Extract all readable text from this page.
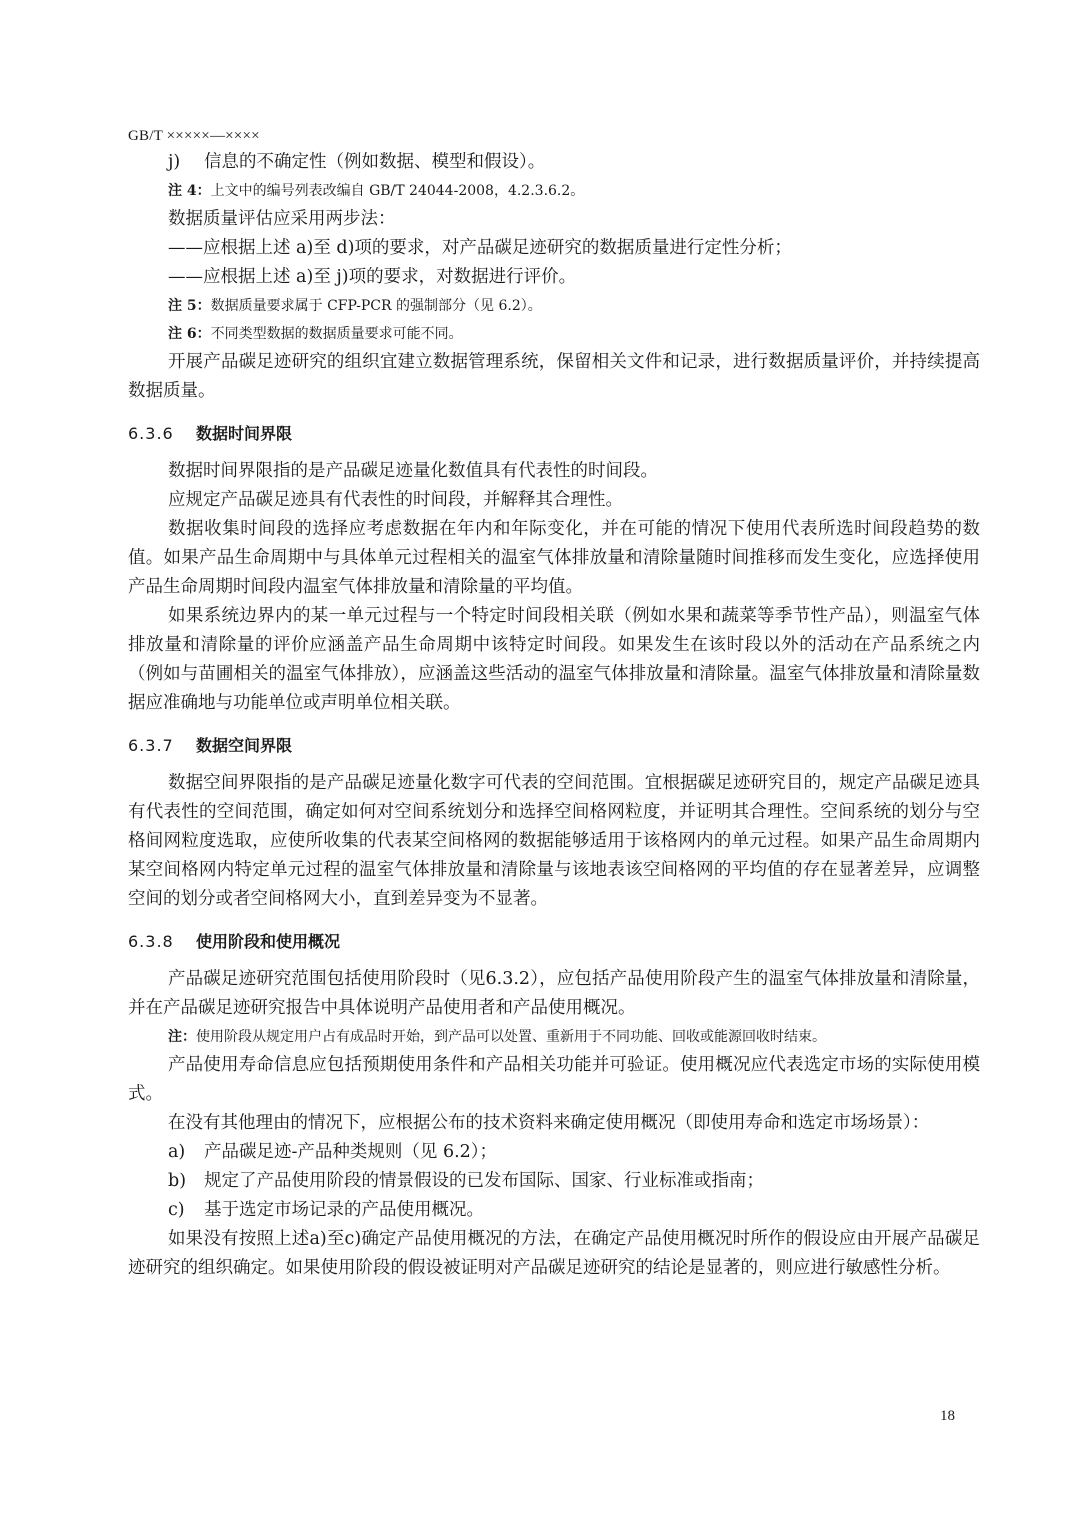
GB/T ×××××—××××

j) 信息的不确定性（例如数据、模型和假设）。

注 4：上文中的编号列表改编自 GB/T 24044-2008，4.2.3.6.2。

数据质量评估应采用两步法：

——应根据上述 a)至 d)项的要求，对产品碳足迹研究的数据质量进行定性分析；

——应根据上述 a)至 j)项的要求，对数据进行评价。

注 5：数据质量要求属于 CFP-PCR 的强制部分（见 6.2）。

注 6：不同类型数据的数据质量要求可能不同。

开展产品碳足迹研究的组织宜建立数据管理系统，保留相关文件和记录，进行数据质量评价，并持续提高数据质量。

6.3.6 数据时间界限

数据时间界限指的是产品碳足迹量化数值具有代表性的时间段。

应规定产品碳足迹具有代表性的时间段，并解释其合理性。

数据收集时间段的选择应考虑数据在年内和年际变化，并在可能的情况下使用代表所选时间段趋势的数值。如果产品生命周期中与具体单元过程相关的温室气体排放量和清除量随时间推移而发生变化，应选择使用产品生命周期时间段内温室气体排放量和清除量的平均值。

如果系统边界内的某一单元过程与一个特定时间段相关联（例如水果和蔬菜等季节性产品），则温室气体排放量和清除量的评价应涵盖产品生命周期中该特定时间段。如果发生在该时段以外的活动在产品系统之内（例如与苗圃相关的温室气体排放），应涵盖这些活动的温室气体排放量和清除量。温室气体排放量和清除量数据应准确地与功能单位或声明单位相关联。

6.3.7 数据空间界限

数据空间界限指的是产品碳足迹量化数字可代表的空间范围。宜根据碳足迹研究目的，规定产品碳足迹具有代表性的空间范围，确定如何对空间系统划分和选择空间格网粒度，并证明其合理性。空间系统的划分与空格间网粒度选取，应使所收集的代表某空间格网的数据能够适用于该格网内的单元过程。如果产品生命周期内某空间格网内特定单元过程的温室气体排放量和清除量与该地表该空间格网的平均值的存在显著差异，应调整空间的划分或者空间格网大小，直到差异变为不显著。

6.3.8 使用阶段和使用概况

产品碳足迹研究范围包括使用阶段时（见6.3.2），应包括产品使用阶段产生的温室气体排放量和清除量，并在产品碳足迹研究报告中具体说明产品使用者和产品使用概况。

注：使用阶段从规定用户占有成品时开始，到产品可以处置、重新用于不同功能、回收或能源回收时结束。

产品使用寿命信息应包括预期使用条件和产品相关功能并可验证。使用概况应代表选定市场的实际使用模式。

在没有其他理由的情况下，应根据公布的技术资料来确定使用概况（即使用寿命和选定市场场景）：

a) 产品碳足迹-产品种类规则（见 6.2）；

b) 规定了产品使用阶段的情景假设的已发布国际、国家、行业标准或指南；

c) 基于选定市场记录的产品使用概况。

如果没有按照上述a)至c)确定产品使用概况的方法，在确定产品使用概况时所作的假设应由开展产品碳足迹研究的组织确定。如果使用阶段的假设被证明对产品碳足迹研究的结论是显著的，则应进行敏感性分析。

18
